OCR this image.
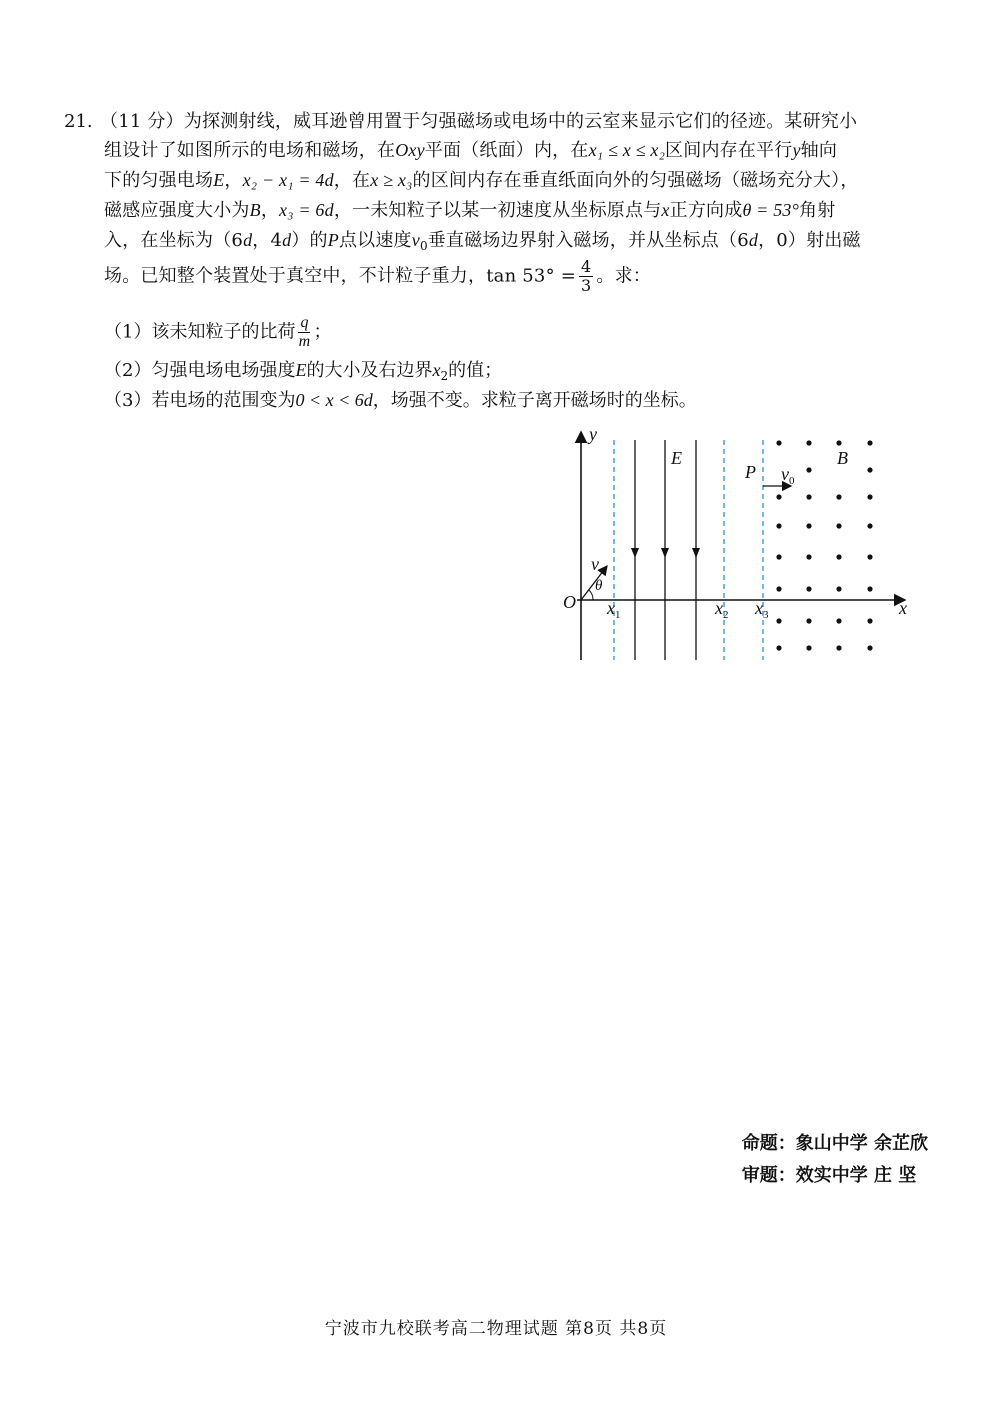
21. （11 分）为探测射线，威耳逊曾用置于匀强磁场或电场中的云室来显示它们的径迹。某研究小
组设计了如图所示的电场和磁场，在Oxy平面（纸面）内，在x₁ ≤ x ≤ x₂区间内存在平行y轴向
下的匀强电场E，x₂ − x₁ = 4d，在x ≥ x₃的区间内存在垂直纸面向外的匀强磁场（磁场充分大），
磁感应强度大小为B，x₃ = 6d，一未知粒子以某一初速度从坐标原点与x正方向成θ = 53°角射
入，在坐标为（6d，4d）的P点以速度$v_0$垂直磁场边界射入磁场，并从坐标点（6d，0）射出磁
场。已知整个装置处于真空中，不计粒子重力，$\tan 53^\circ = \frac{4}{3}$ 。求：
（1）该未知粒子的比荷 $\frac{q}{m}$ ；
（2）匀强电场电场强度E的大小及右边界$x_2$的值；
（3）若电场的范围变为0 < x < 6d，场强不变。求粒子离开磁场时的坐标。
y
x
O
E
P
B
v
θ
$v_0$
$x_1$	$x_2$ $x_3$
命题：象山中学 余芷欣
审题：效实中学 庄 坚
宁波市九校联考高二物理试题 第8页 共8页
